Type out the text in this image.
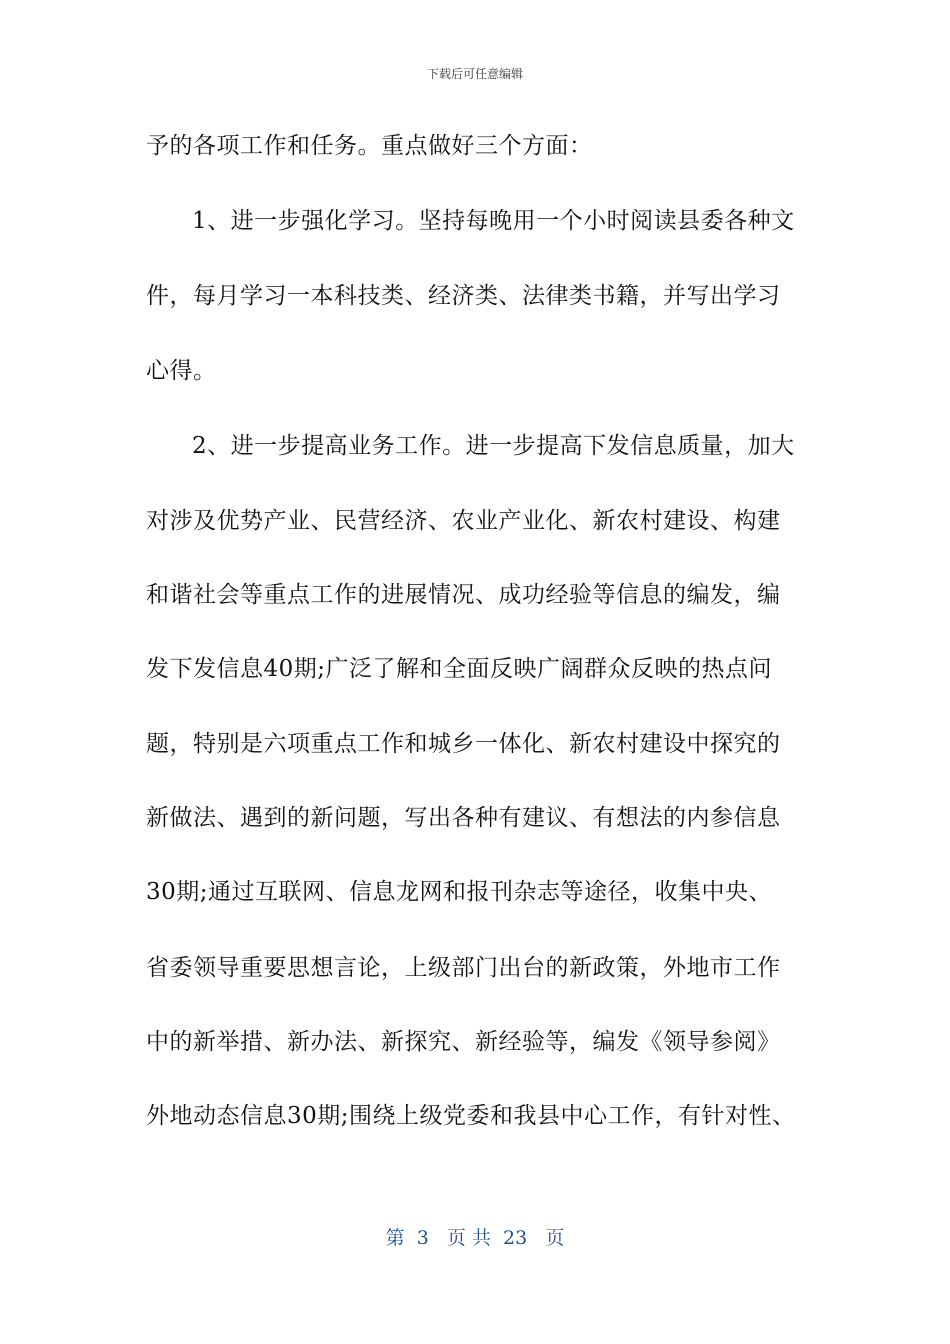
下载后可任意编辑
予的各项工作和任务。重点做好三个方面：
1、进一步强化学习。坚持每晚用一个小时阅读县委各种文
件，每月学习一本科技类、经济类、法律类书籍，并写出学习
心得。
2、进一步提高业务工作。进一步提高下发信息质量，加大
对涉及优势产业、民营经济、农业产业化、新农村建设、构建
和谐社会等重点工作的进展情况、成功经验等信息的编发，编
发下发信息40期;广泛了解和全面反映广阔群众反映的热点问
题，特别是六项重点工作和城乡一体化、新农村建设中探究的
新做法、遇到的新问题，写出各种有建议、有想法的内参信息
30期;通过互联网、信息龙网和报刊杂志等途径，收集中央、
省委领导重要思想言论，上级部门出台的新政策，外地市工作
中的新举措、新办法、新探究、新经验等，编发《领导参阅》
外地动态信息30期;围绕上级党委和我县中心工作，有针对性、
第  3   页 共  23   页
